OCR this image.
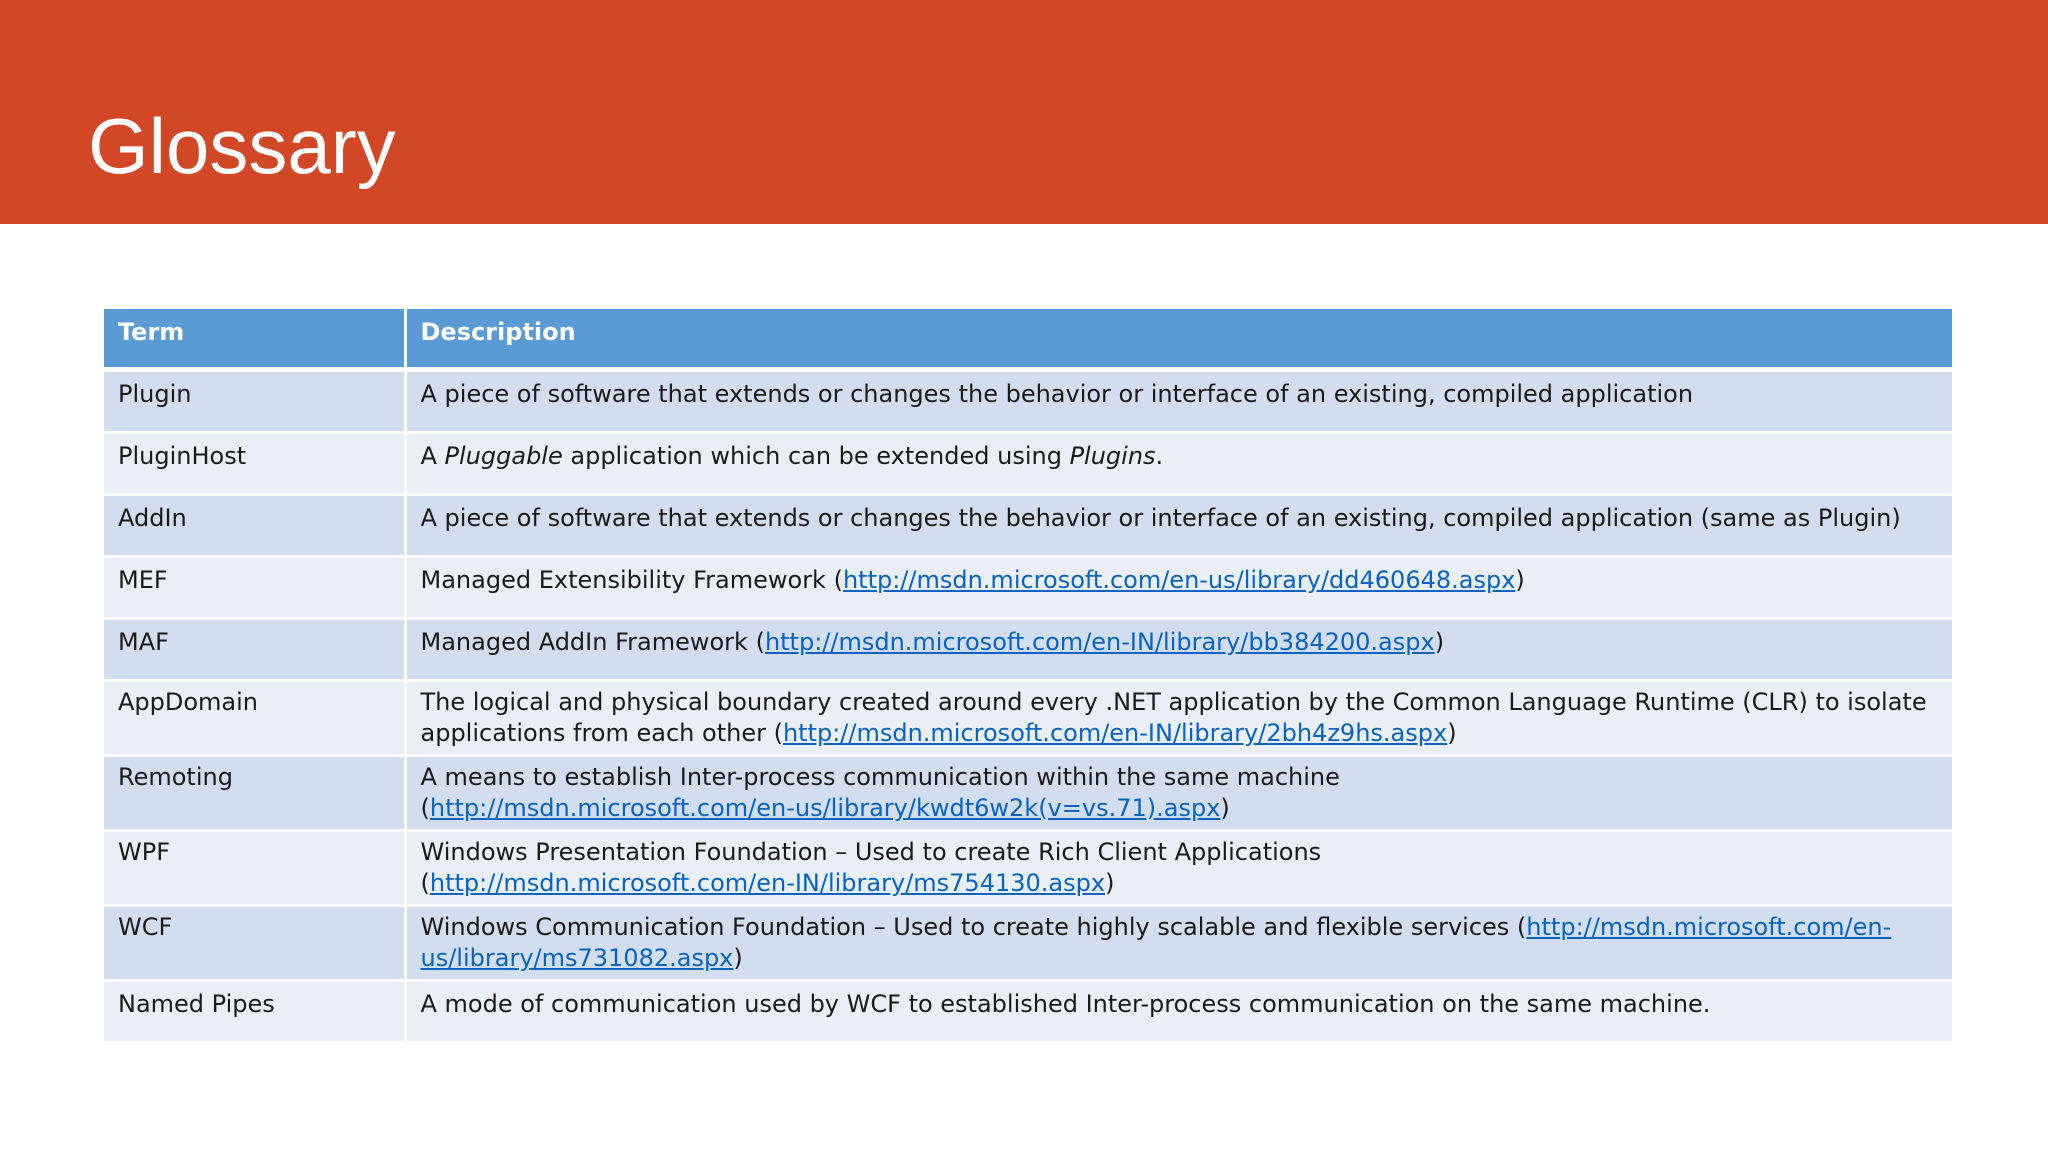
Glossary
Term	Description
Plugin	A piece of software that extends or changes the behavior or interface of an existing, compiled application
PluginHost	A Pluggable application which can be extended using Plugins.
AddIn	A piece of software that extends or changes the behavior or interface of an existing, compiled application (same as Plugin)
MEF	Managed Extensibility Framework (http://msdn.microsoft.com/en-us/library/dd460648.aspx)
MAF	Managed AddIn Framework (http://msdn.microsoft.com/en-IN/library/bb384200.aspx)
AppDomain	The logical and physical boundary created around every .NET application by the Common Language Runtime (CLR) to isolate
applications from each other (http://msdn.microsoft.com/en-IN/library/2bh4z9hs.aspx)
Remoting	A means to establish Inter-process communication within the same machine
(http://msdn.microsoft.com/en-us/library/kwdt6w2k(v=vs.71).aspx)
WPF	Windows Presentation Foundation – Used to create Rich Client Applications
(http://msdn.microsoft.com/en-IN/library/ms754130.aspx)
WCF	Windows Communication Foundation – Used to create highly scalable and flexible services (http://msdn.microsoft.com/en-
us/library/ms731082.aspx)
Named Pipes	A mode of communication used by WCF to established Inter-process communication on the same machine.
